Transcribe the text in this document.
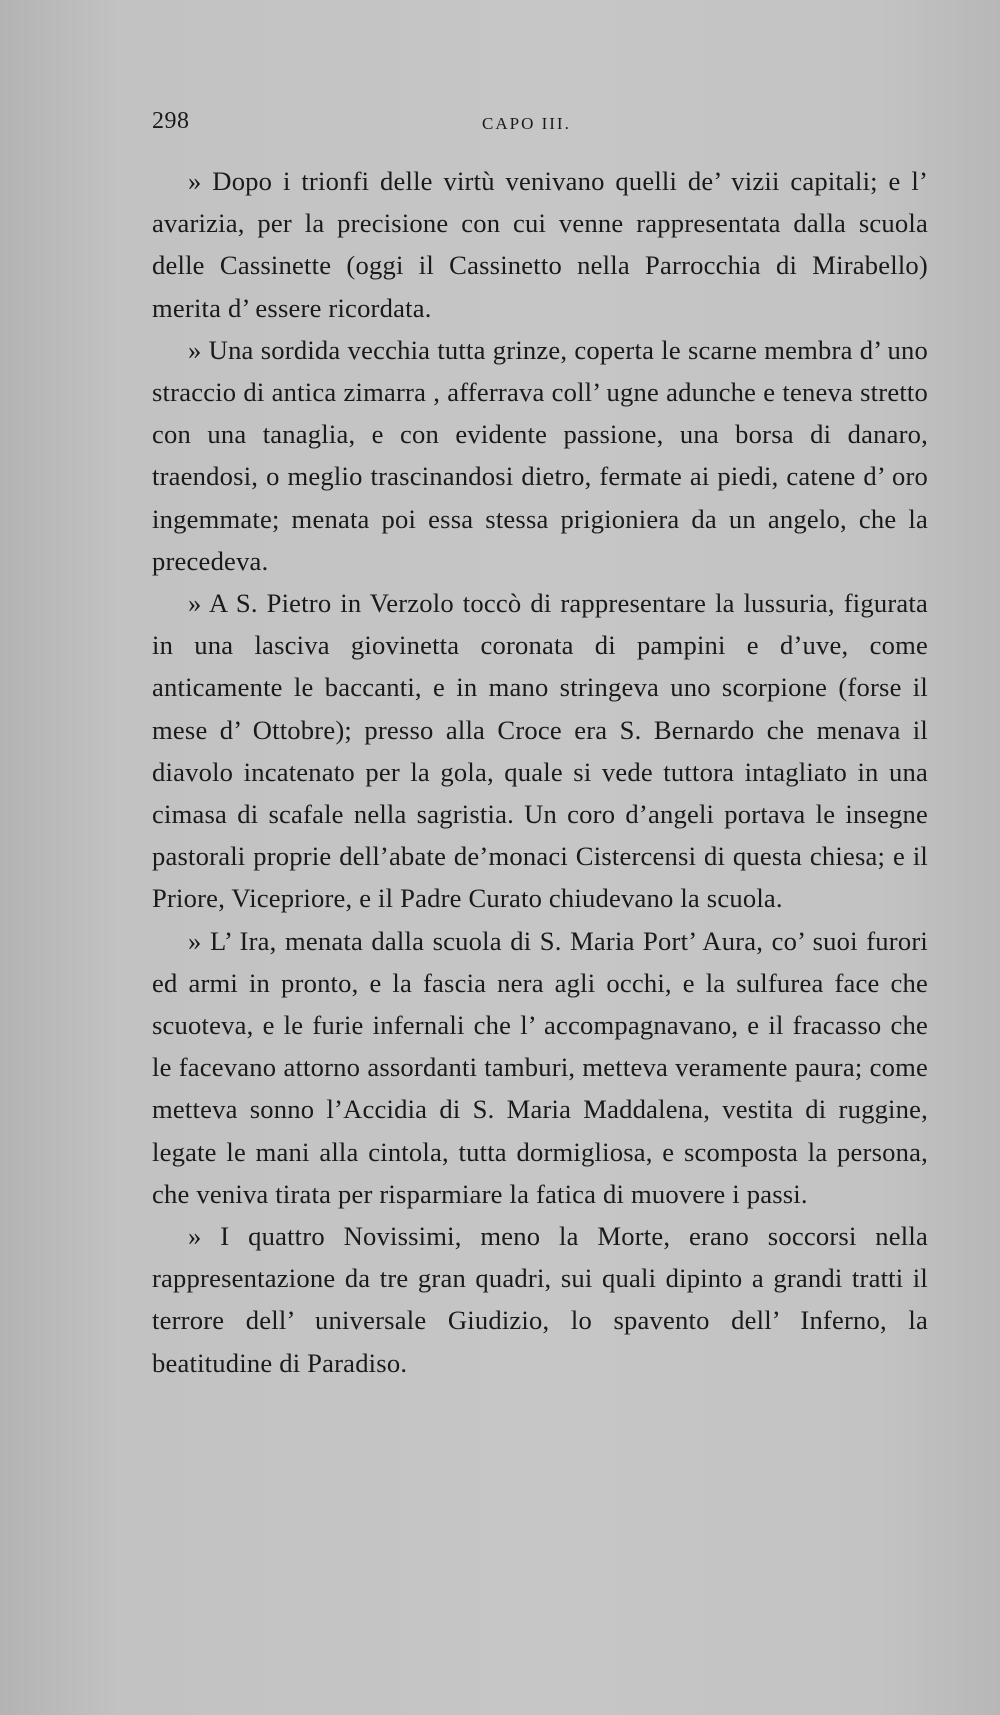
298	CAPO III.

» Dopo i trionfi delle virtù venivano quelli de’ vizii capitali; e l’ avarizia, per la precisione con cui venne rappresentata dalla scuola delle Cassinette (oggi il Cassinetto nella Parrocchia di Mirabello) merita d’ essere ricordata.

» Una sordida vecchia tutta grinze, coperta le scarne membra d’ uno straccio di antica zimarra , afferrava coll’ ugne adunche e teneva stretto con una tanaglia, e con evidente passione, una borsa di danaro, traendosi, o meglio trascinandosi dietro, fermate ai piedi, catene d’ oro ingemmate; menata poi essa stessa prigioniera da un angelo, che la precedeva.

» A S. Pietro in Verzolo toccò di rappresentare la lussuria, figurata in una lasciva giovinetta coronata di pampini e d’uve, come anticamente le baccanti, e in mano stringeva uno scorpione (forse il mese d’ Ottobre); presso alla Croce era S. Bernardo che menava il diavolo incatenato per la gola, quale si vede tuttora intagliato in una cimasa di scafale nella sagristia. Un coro d’angeli portava le insegne pastorali proprie dell’abate de’monaci Cistercensi di questa chiesa; e il Priore, Vicepriore, e il Padre Curato chiudevano la scuola.

» L’ Ira, menata dalla scuola di S. Maria Port’ Aura, co’ suoi furori ed armi in pronto, e la fascia nera agli occhi, e la sulfurea face che scuoteva, e le furie infernali che l’ accompagnavano, e il fracasso che le facevano attorno assordanti tamburi, metteva veramente paura; come metteva sonno l’Accidia di S. Maria Maddalena, vestita di ruggine, legate le mani alla cintola, tutta dormigliosa, e scomposta la persona, che veniva tirata per risparmiare la fatica di muovere i passi.

» I quattro Novissimi, meno la Morte, erano soccorsi nella rappresentazione da tre gran quadri, sui quali dipinto a grandi tratti il terrore dell’ universale Giudizio, lo spavento dell’ Inferno, la beatitudine di Paradiso.
